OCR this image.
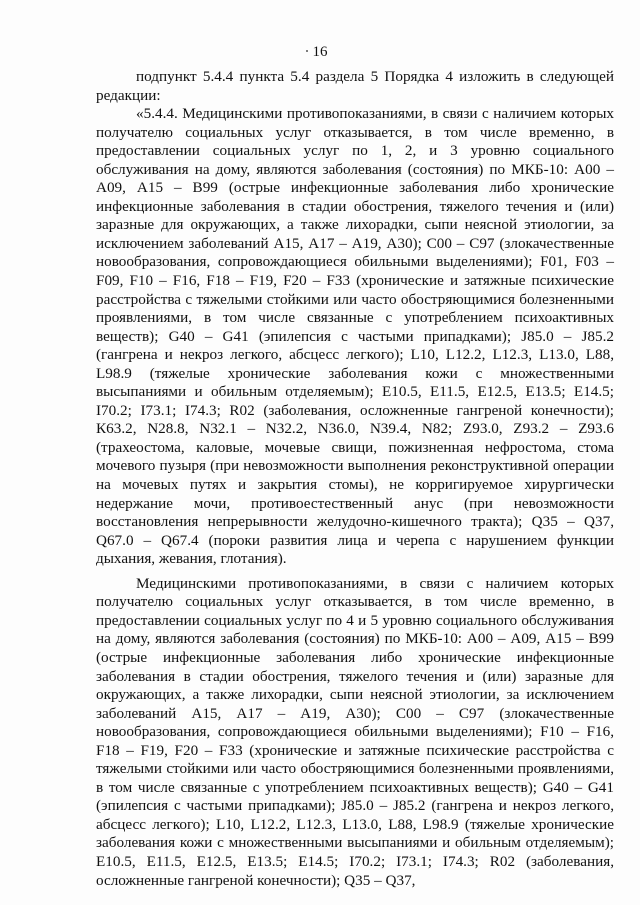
16

подпункт 5.4.4 пункта 5.4 раздела 5 Порядка 4 изложить в следующей редакции:

«5.4.4. Медицинскими противопоказаниями, в связи с наличием которых получателю социальных услуг отказывается, в том числе временно, в предоставлении социальных услуг по 1, 2, и 3 уровню социального обслуживания на дому, являются заболевания (состояния) по МКБ-10: А00 – А09, А15 – В99 (острые инфекционные заболевания либо хронические инфекционные заболевания в стадии обострения, тяжелого течения и (или) заразные для окружающих, а также лихорадки, сыпи неясной этиологии, за исключением заболеваний А15, А17 – А19, А30); С00 – С97 (злокачественные новообразования, сопровождающиеся обильными выделениями); F01, F03 – F09, F10 – F16, F18 – F19, F20 – F33 (хронические и затяжные психические расстройства с тяжелыми стойкими или часто обостряющимися болезненными проявлениями, в том числе связанные с употреблением психоактивных веществ); G40 – G41 (эпилепсия с частыми припадками); J85.0 – J85.2 (гангрена и некроз легкого, абсцесс легкого); L10, L12.2, L12.3, L13.0, L88, L98.9 (тяжелые хронические заболевания кожи с множественными высыпаниями и обильным отделяемым); Е10.5, Е11.5, Е12.5, Е13.5; Е14.5; I70.2; I73.1; I74.3; R02 (заболевания, осложненные гангреной конечности); К63.2, N28.8, N32.1 – N32.2, N36.0, N39.4, N82; Z93.0, Z93.2 – Z93.6 (трахеостома, каловые, мочевые свищи, пожизненная нефростома, стома мочевого пузыря (при невозможности выполнения реконструктивной операции на мочевых путях и закрытия стомы), не корригируемое хирургически недержание мочи, противоестественный анус (при невозможности восстановления непрерывности желудочно-кишечного тракта); Q35 – Q37, Q67.0 – Q67.4 (пороки развития лица и черепа с нарушением функции дыхания, жевания, глотания).

Медицинскими противопоказаниями, в связи с наличием которых получателю социальных услуг отказывается, в том числе временно, в предоставлении социальных услуг по 4 и 5 уровню социального обслуживания на дому, являются заболевания (состояния) по МКБ-10: А00 – А09, А15 – В99 (острые инфекционные заболевания либо хронические инфекционные заболевания в стадии обострения, тяжелого течения и (или) заразные для окружающих, а также лихорадки, сыпи неясной этиологии, за исключением заболеваний А15, А17 – А19, А30); С00 – С97 (злокачественные новообразования, сопровождающиеся обильными выделениями); F10 – F16, F18 – F19, F20 – F33 (хронические и затяжные психические расстройства с тяжелыми стойкими или часто обостряющимися болезненными проявлениями, в том числе связанные с употреблением психоактивных веществ); G40 – G41 (эпилепсия с частыми припадками); J85.0 – J85.2 (гангрена и некроз легкого, абсцесс легкого); L10, L12.2, L12.3, L13.0, L88, L98.9 (тяжелые хронические заболевания кожи с множественными высыпаниями и обильным отделяемым); Е10.5, Е11.5, Е12.5, Е13.5; Е14.5; I70.2; I73.1; I74.3; R02 (заболевания, осложненные гангреной конечности); Q35 – Q37,
